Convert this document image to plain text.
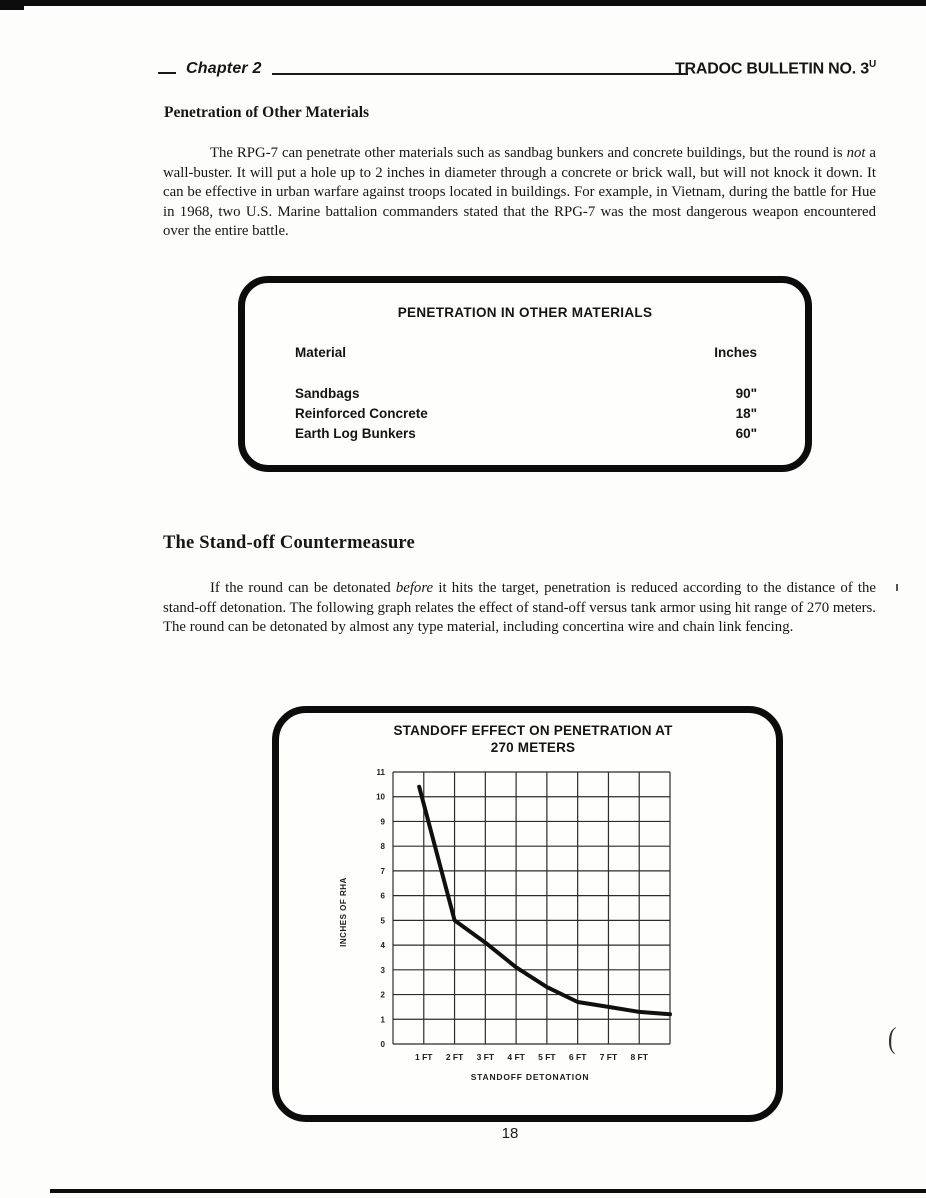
Chapter 2	TRADOC BULLETIN NO. $3^U$
Penetration of Other Materials
The RPG-7 can penetrate other materials such as sandbag bunkers and concrete buildings, but the round is not a wall-buster. It will put a hole up to 2 inches in diameter through a concrete or brick wall, but will not knock it down. It can be effective in urban warfare against troops located in buildings. For example, in Vietnam, during the battle for Hue in 1968, two U.S. Marine battalion commanders stated that the RPG-7 was the most dangerous weapon encountered over the entire battle.
PENETRATION IN OTHER MATERIALS
Material	Inches
Sandbags	90"
Reinforced Concrete	18"
Earth Log Bunkers	60"
The Stand-off Countermeasure
If the round can be detonated before it hits the target, penetration is reduced according to the distance of the stand-off detonation. The following graph relates the effect of stand-off versus tank armor using hit range of 270 meters. The round can be detonated by almost any type material, including concertina wire and chain link fencing.
STANDOFF EFFECT ON PENETRATION AT
270 METERS
INCHES OF RHA
0
1
2
3
4
5
6
7
8
9
10
11
1 FT 2 FT 3 FT 4 FT 5 FT 6 FT 7 FT 8 FT
STANDOFF DETONATION
(
18
